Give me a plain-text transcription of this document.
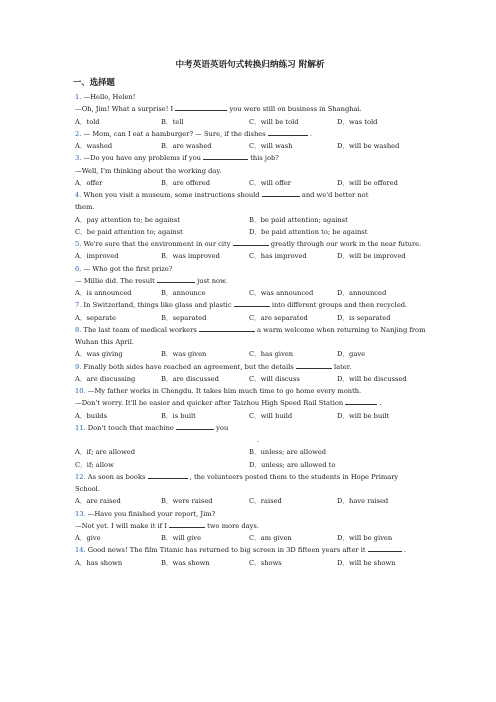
中考英语英语句式转换归纳练习 附解析
一、选择题
1. —Hello, Helen!
—Oh, Jim! What a surprise! I	you were still on business in Shanghai.
A．told	B．tell	C．will be told	D．was told
2. — Mom, can I eat a hamburger? — Sure, if the dishes	.
A．washed	B．are washed	C．will wash	D．will be washed
3. —Do you have any problems if you	this job?
—Well, I'm thinking about the working day.
A．offer	B．are offered	C．will offer	D．will be offered
4. When you visit a museum, some instructions should	and we'd better not
them.
A．pay attention to; be against	B．be paid attention; against
C．be paid attention to; against	D．be paid attention to; be against
5. We're sure that the environment in our city	greatly through our work in the near future.
A．improved	B．was improved	C．has improved	D．will be improved
6. — Who got the first prize?
— Millie did. The result	just now.
A．is announced	B．announce	C．was announced	D．announced
7. In Switzerland, things like glass and plastic	into different groups and then recycled.
A．separate	B．separated	C．are separated	D．is separated
8. The last team of medical workers	a warm welcome when returning to Nanjing from
Wuhan this April.
A．was giving	B．was given	C．has given	D．gave
9. Finally both sides have reached an agreement, but the details	later.
A．are discussing	B．are discussed	C．will discuss	D．will be discussed
10. —My father works in Chengdu. It takes him much time to go home every month.
—Don't worry. It'll be easier and quicker after Taizhou High Speed Rail Station	.
A．builds	B．is built	C．will build	D．will be built
11. Don't touch that machine	you
.
A．if; are allowed	B．unless; are allowed
C．if; allow	D．unless; are allowed to
12. As soon as books	, the volunteers posted them to the students in Hope Primary
School.
A．are raised	B．were raised	C．raised	D．have raised
13. —Have you finished your report, Jim?
—Not yet. I will make it if I	two more days.
A．give	B．will give	C．am given	D．will be given
14. Good news! The film Titanic has returned to big screen in 3D fifteen years after it	.
A．has shown	B．was shown	C．shows	D．will be shown
